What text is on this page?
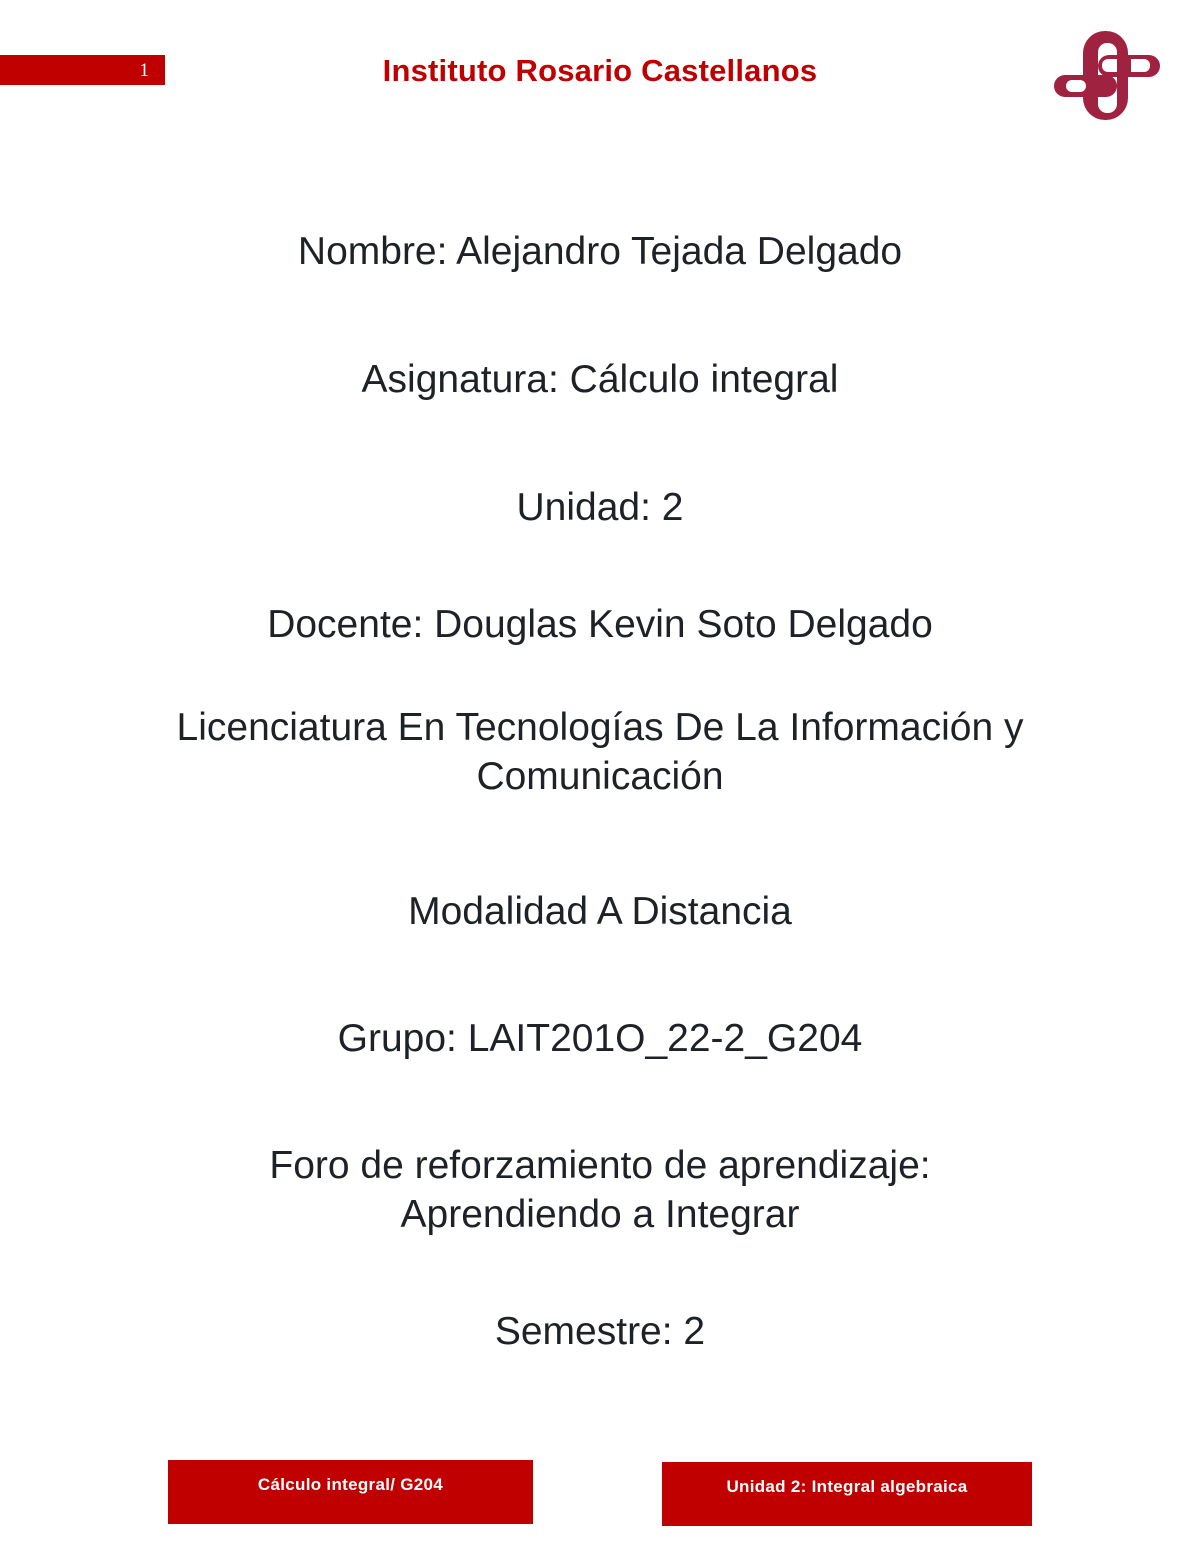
1	Instituto Rosario Castellanos
Nombre: Alejandro Tejada Delgado
Asignatura: Cálculo integral
Unidad: 2
Docente: Douglas Kevin Soto Delgado
Licenciatura En Tecnologías De La Información y
Comunicación
Modalidad A Distancia
Grupo: LAIT201O_22-2_G204
Foro de reforzamiento de aprendizaje:
Aprendiendo a Integrar
Semestre: 2
Cálculo integral/ G204	Unidad 2: Integral algebraica
